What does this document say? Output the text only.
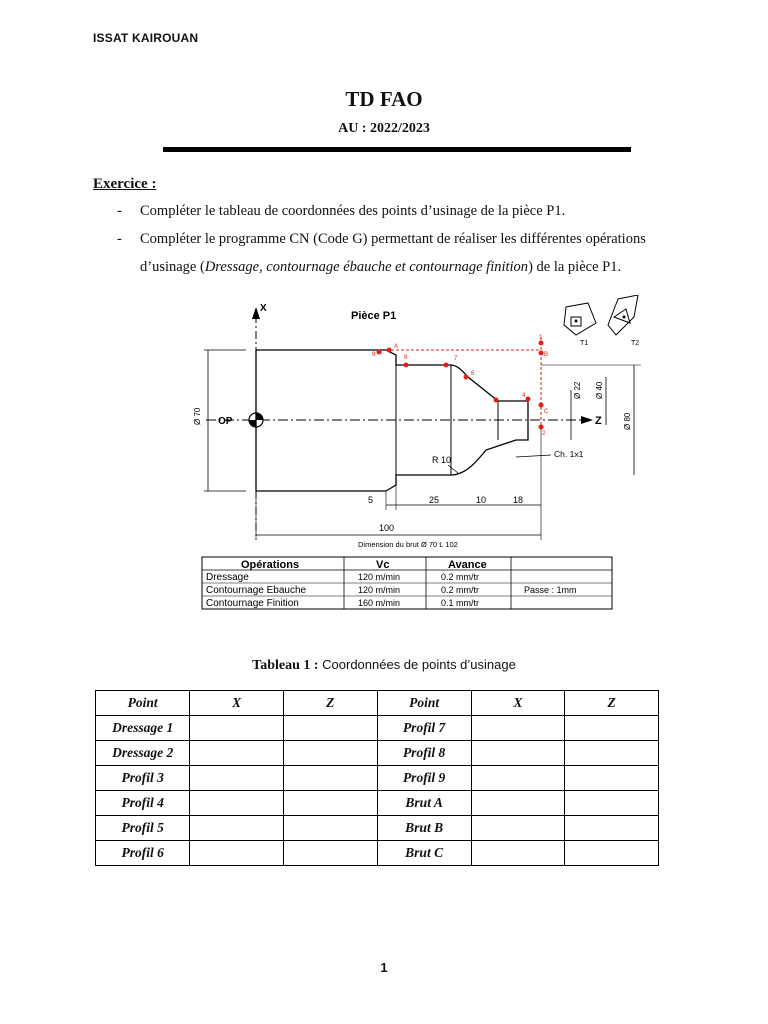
ISSAT KAIROUAN
TD FAO
AU : 2022/2023
Exercice :
- Compléter le tableau de coordonnées des points d’usinage de la pièce P1.
- Compléter le programme CN (Code G) permettant de réaliser les différentes opérations
d’usinage (Dressage, contournage ébauche et contournage finition) de la pièce P1.
X
Z
OP
Ø 70	Ø 80
Ø 40
Ø 22
R 10
Ch. 1x1
100
5	25	10	18
Dimension du brut Ø 70 L 102
Pièce P1
T1	T2
1
B
A
9	8	7
6
4
C
2
Opérations	Vc	Avance
Dressage	120 m/min	0.2 mm/tr
Contournage Ebauche	120 m/min	0.2 mm/tr	Passe : 1mm
Contournage Finition	160 m/min	0.1 mm/tr
Tableau 1 : Coordonnées de points d’usinage
Point	X	Z	Point	X	Z
Dressage 1			Profil 7		
Dressage 2			Profil 8		
Profil 3			Profil 9		
Profil 4			Brut A		
Profil 5			Brut B		
Profil 6			Brut C		
1
